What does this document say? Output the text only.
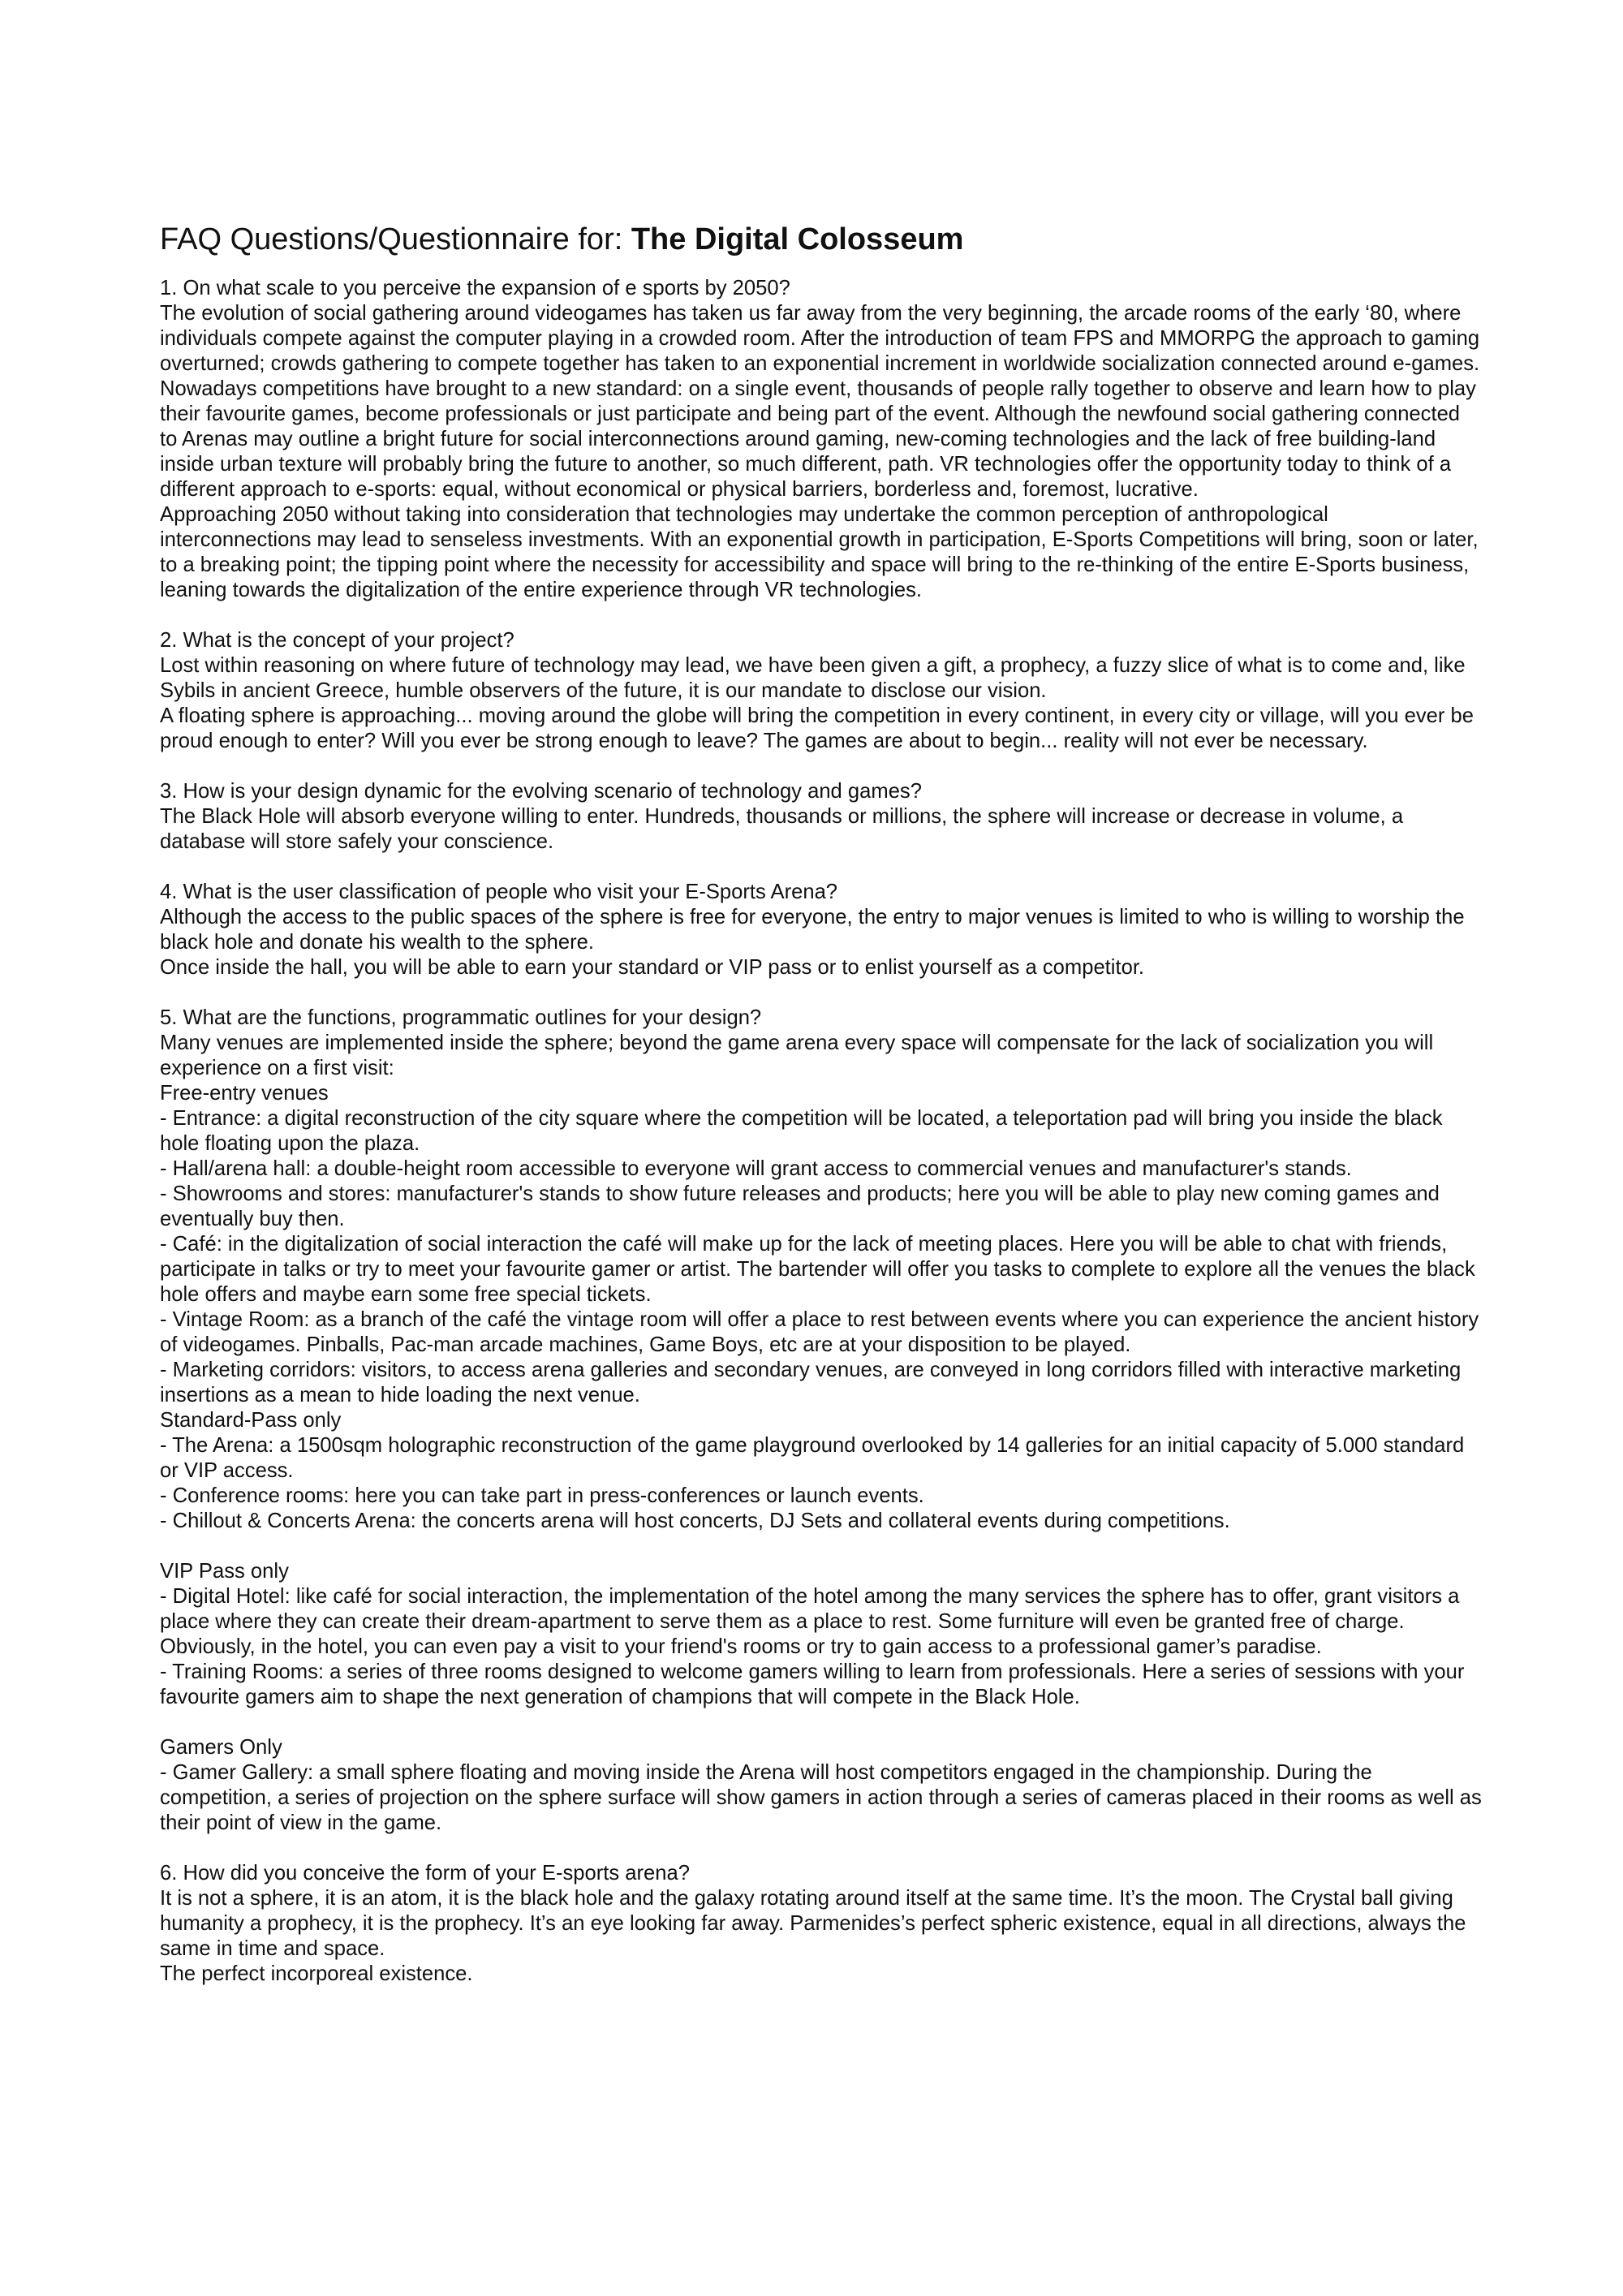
FAQ Questions/Questionnaire for: The Digital Colosseum

1. On what scale to you perceive the expansion of e sports by 2050?

The evolution of social gathering around videogames has taken us far away from the very beginning, the arcade rooms of the early ‘80, where individuals compete against the computer playing in a crowded room. After the introduction of team FPS and MMORPG the approach to gaming overturned; crowds gathering to compete together has taken to an exponential increment in worldwide socialization connected around e-games. Nowadays competitions have brought to a new standard: on a single event, thousands of people rally together to observe and learn how to play their favourite games, become professionals or just participate and being part of the event. Although the newfound social gathering connected to Arenas may outline a bright future for social interconnections around gaming, new-coming technologies and the lack of free building-land inside urban texture will probably bring the future to another, so much different, path. VR technologies offer the opportunity today to think of a different approach to e-sports: equal, without economical or physical barriers, borderless and, foremost, lucrative.

Approaching 2050 without taking into consideration that technologies may undertake the common perception of anthropological interconnections may lead to senseless investments. With an exponential growth in participation, E-Sports Competitions will bring, soon or later, to a breaking point; the tipping point where the necessity for accessibility and space will bring to the re-thinking of the entire E-Sports business, leaning towards the digitalization of the entire experience through VR technologies.

2. What is the concept of your project?

Lost within reasoning on where future of technology may lead, we have been given a gift, a prophecy, a fuzzy slice of what is to come and, like Sybils in ancient Greece, humble observers of the future, it is our mandate to disclose our vision.

A floating sphere is approaching... moving around the globe will bring the competition in every continent, in every city or village, will you ever be proud enough to enter? Will you ever be strong enough to leave? The games are about to begin... reality will not ever be necessary.

3. How is your design dynamic for the evolving scenario of technology and games?

The Black Hole will absorb everyone willing to enter. Hundreds, thousands or millions, the sphere will increase or decrease in volume, a database will store safely your conscience.

4. What is the user classification of people who visit your E-Sports Arena?

Although the access to the public spaces of the sphere is free for everyone, the entry to major venues is limited to who is willing to worship the black hole and donate his wealth to the sphere.

Once inside the hall, you will be able to earn your standard or VIP pass or to enlist yourself as a competitor.

5. What are the functions, programmatic outlines for your design?

Many venues are implemented inside the sphere; beyond the game arena every space will compensate for the lack of socialization you will experience on a first visit:

Free-entry venues

- Entrance: a digital reconstruction of the city square where the competition will be located, a teleportation pad will bring you inside the black hole floating upon the plaza.

- Hall/arena hall: a double-height room accessible to everyone will grant access to commercial venues and manufacturer's stands.

- Showrooms and stores: manufacturer's stands to show future releases and products; here you will be able to play new coming games and eventually buy then.

- Café: in the digitalization of social interaction the café will make up for the lack of meeting places. Here you will be able to chat with friends, participate in talks or try to meet your favourite gamer or artist. The bartender will offer you tasks to complete to explore all the venues the black hole offers and maybe earn some free special tickets.

- Vintage Room: as a branch of the café the vintage room will offer a place to rest between events where you can experience the ancient history of videogames. Pinballs, Pac-man arcade machines, Game Boys, etc are at your disposition to be played.

- Marketing corridors: visitors, to access arena galleries and secondary venues, are conveyed in long corridors filled with interactive marketing insertions as a mean to hide loading the next venue.

Standard-Pass only

- The Arena: a 1500sqm holographic reconstruction of the game playground overlooked by 14 galleries for an initial capacity of 5.000 standard or VIP access.

- Conference rooms: here you can take part in press-conferences or launch events.

- Chillout & Concerts Arena: the concerts arena will host concerts, DJ Sets and collateral events during competitions.

VIP Pass only

- Digital Hotel: like café for social interaction, the implementation of the hotel among the many services the sphere has to offer, grant visitors a place where they can create their dream-apartment to serve them as a place to rest. Some furniture will even be granted free of charge. Obviously, in the hotel, you can even pay a visit to your friend's rooms or try to gain access to a professional gamer’s paradise.

- Training Rooms: a series of three rooms designed to welcome gamers willing to learn from professionals. Here a series of sessions with your favourite gamers aim to shape the next generation of champions that will compete in the Black Hole.

Gamers Only

- Gamer Gallery: a small sphere floating and moving inside the Arena will host competitors engaged in the championship. During the competition, a series of projection on the sphere surface will show gamers in action through a series of cameras placed in their rooms as well as their point of view in the game.

6. How did you conceive the form of your E-sports arena?

It is not a sphere, it is an atom, it is the black hole and the galaxy rotating around itself at the same time. It’s the moon. The Crystal ball giving humanity a prophecy, it is the prophecy. It’s an eye looking far away. Parmenides’s perfect spheric existence, equal in all directions, always the same in time and space.

The perfect incorporeal existence.
